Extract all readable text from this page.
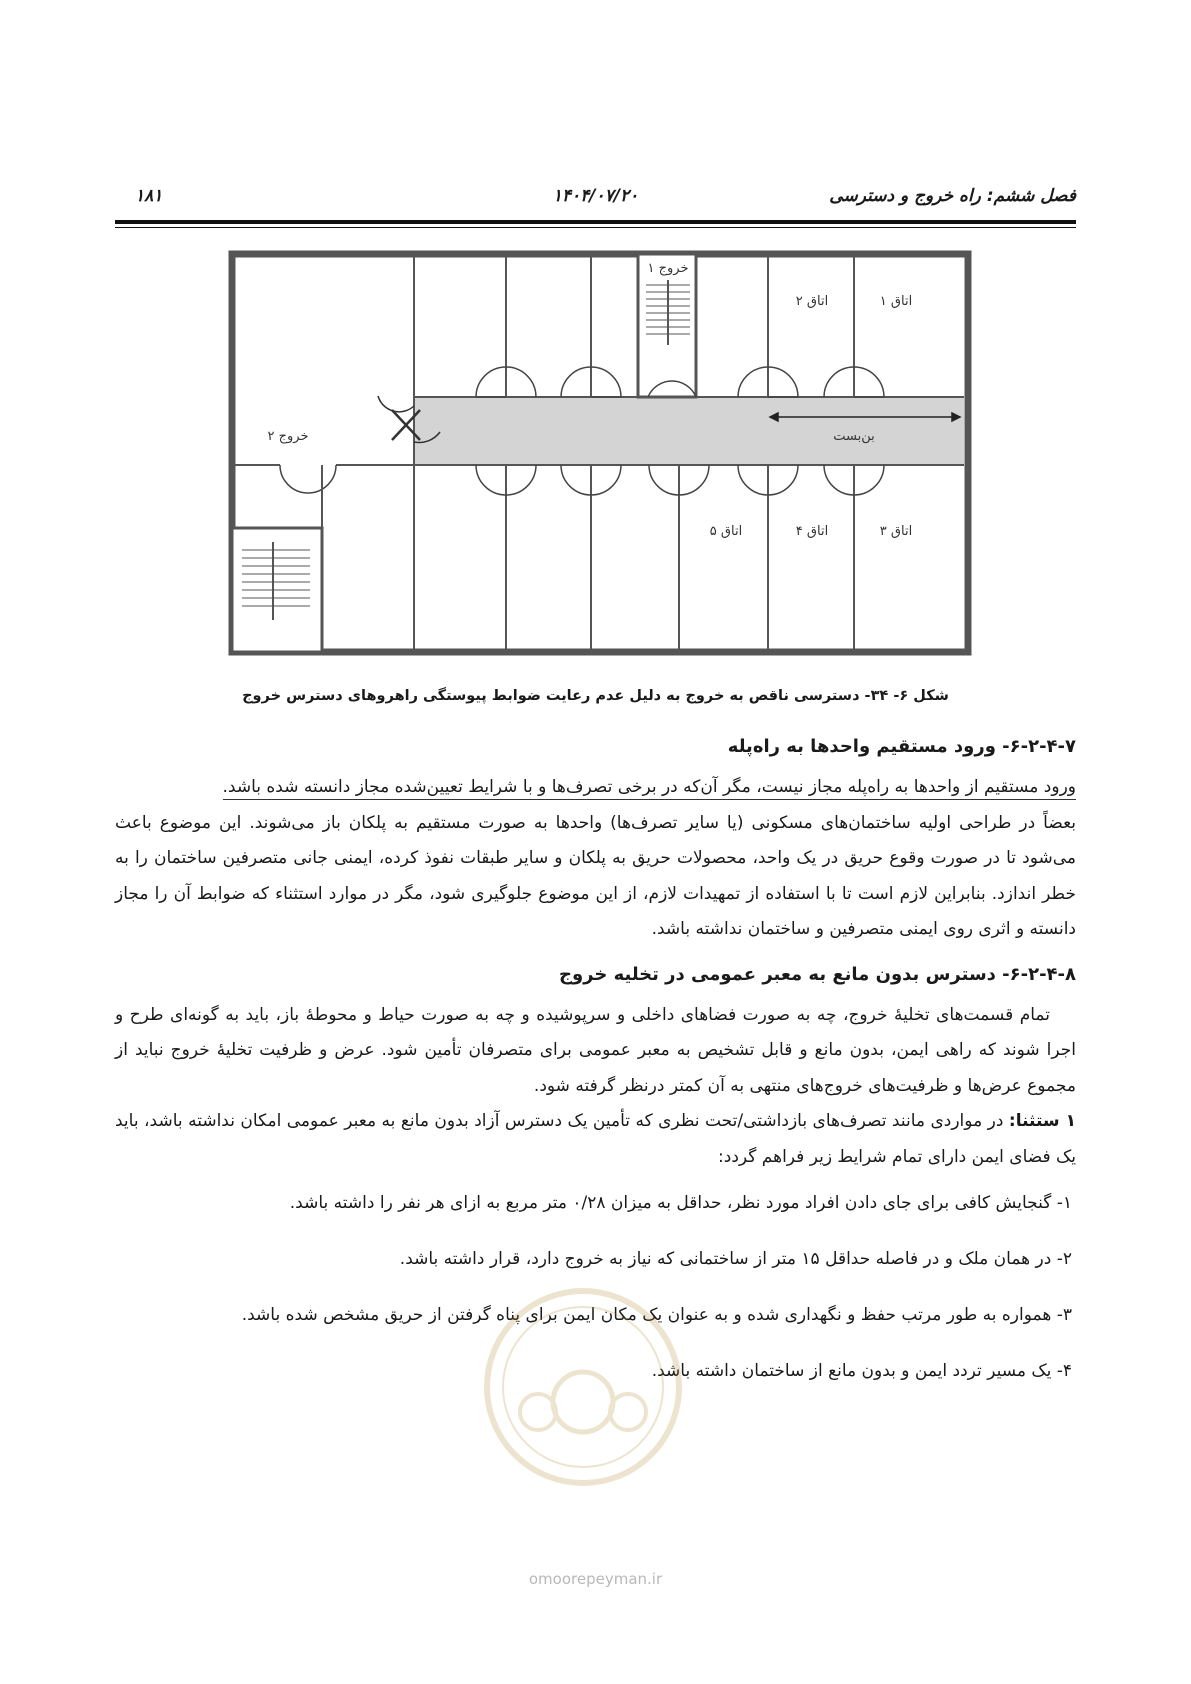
فصل ششم: راه خروج و دسترسی
۱۴۰۴/۰۷/۲۰
۱۸۱
خروج ۱
خروج ۲
اتاق ۱
اتاق ۲
اتاق ۳
اتاق ۴
اتاق ۵
بن‌بست
شکل ۶- ۳۴- دسترسی ناقص به خروج به دلیل عدم رعایت ضوابط پیوستگی راهروهای دسترس خروج
۶-۲-۴-۷- ورود مستقیم واحدها به راه‌پله

ورود مستقیم از واحدها به راه‌پله مجاز نیست، مگر آن‌که در برخی تصرف‌ها و با شرایط تعیین‌شده مجاز دانسته شده باشد.

بعضاً در طراحی اولیه ساختمان‌های مسکونی (یا سایر تصرف‌ها) واحدها به صورت مستقیم به پلکان باز می‌شوند. این موضوع باعث می‌شود تا در صورت وقوع حریق در یک واحد، محصولات حریق به پلکان و سایر طبقات نفوذ کرده، ایمنی جانی متصرفین ساختمان را به خطر اندازد. بنابراین لازم است تا با استفاده از تمهیدات لازم، از این موضوع جلوگیری شود، مگر در موارد استثناء که ضوابط آن را مجاز دانسته و اثری روی ایمنی متصرفین و ساختمان نداشته باشد.

۶-۲-۴-۸- دسترس بدون مانع به معبر عمومی در تخلیه خروج

تمام قسمت‌های تخلیهٔ خروج، چه به صورت فضاهای داخلی و سرپوشیده و چه به صورت حیاط و محوطهٔ باز، باید به گونه‌ای طرح و اجرا شوند که راهی ایمن، بدون مانع و قابل تشخیص به معبر عمومی برای متصرفان تأمین شود. عرض و ظرفیت تخلیهٔ خروج نباید از مجموع عرض‌ها و ظرفیت‌های خروج‌های منتهی به آن کمتر درنظر گرفته شود.

۱ ستثنا: در مواردی مانند تصرف‌های بازداشتی/تحت نظری که تأمین یک دسترس آزاد بدون مانع به معبر عمومی امکان نداشته باشد، باید یک فضای ایمن دارای تمام شرایط زیر فراهم گردد:

۱- گنجایش کافی برای جای دادن افراد مورد نظر، حداقل به میزان ۰/۲۸ متر مربع به ازای هر نفر را داشته باشد.
۲- در همان ملک و در فاصله حداقل ۱۵ متر از ساختمانی که نیاز به خروج دارد، قرار داشته باشد.
۳- همواره به طور مرتب حفظ و نگهداری شده و به عنوان یک مکان ایمن برای پناه گرفتن از حریق مشخص شده باشد.
۴- یک مسیر تردد ایمن و بدون مانع از ساختمان داشته باشد.
omoorepeyman.ir
